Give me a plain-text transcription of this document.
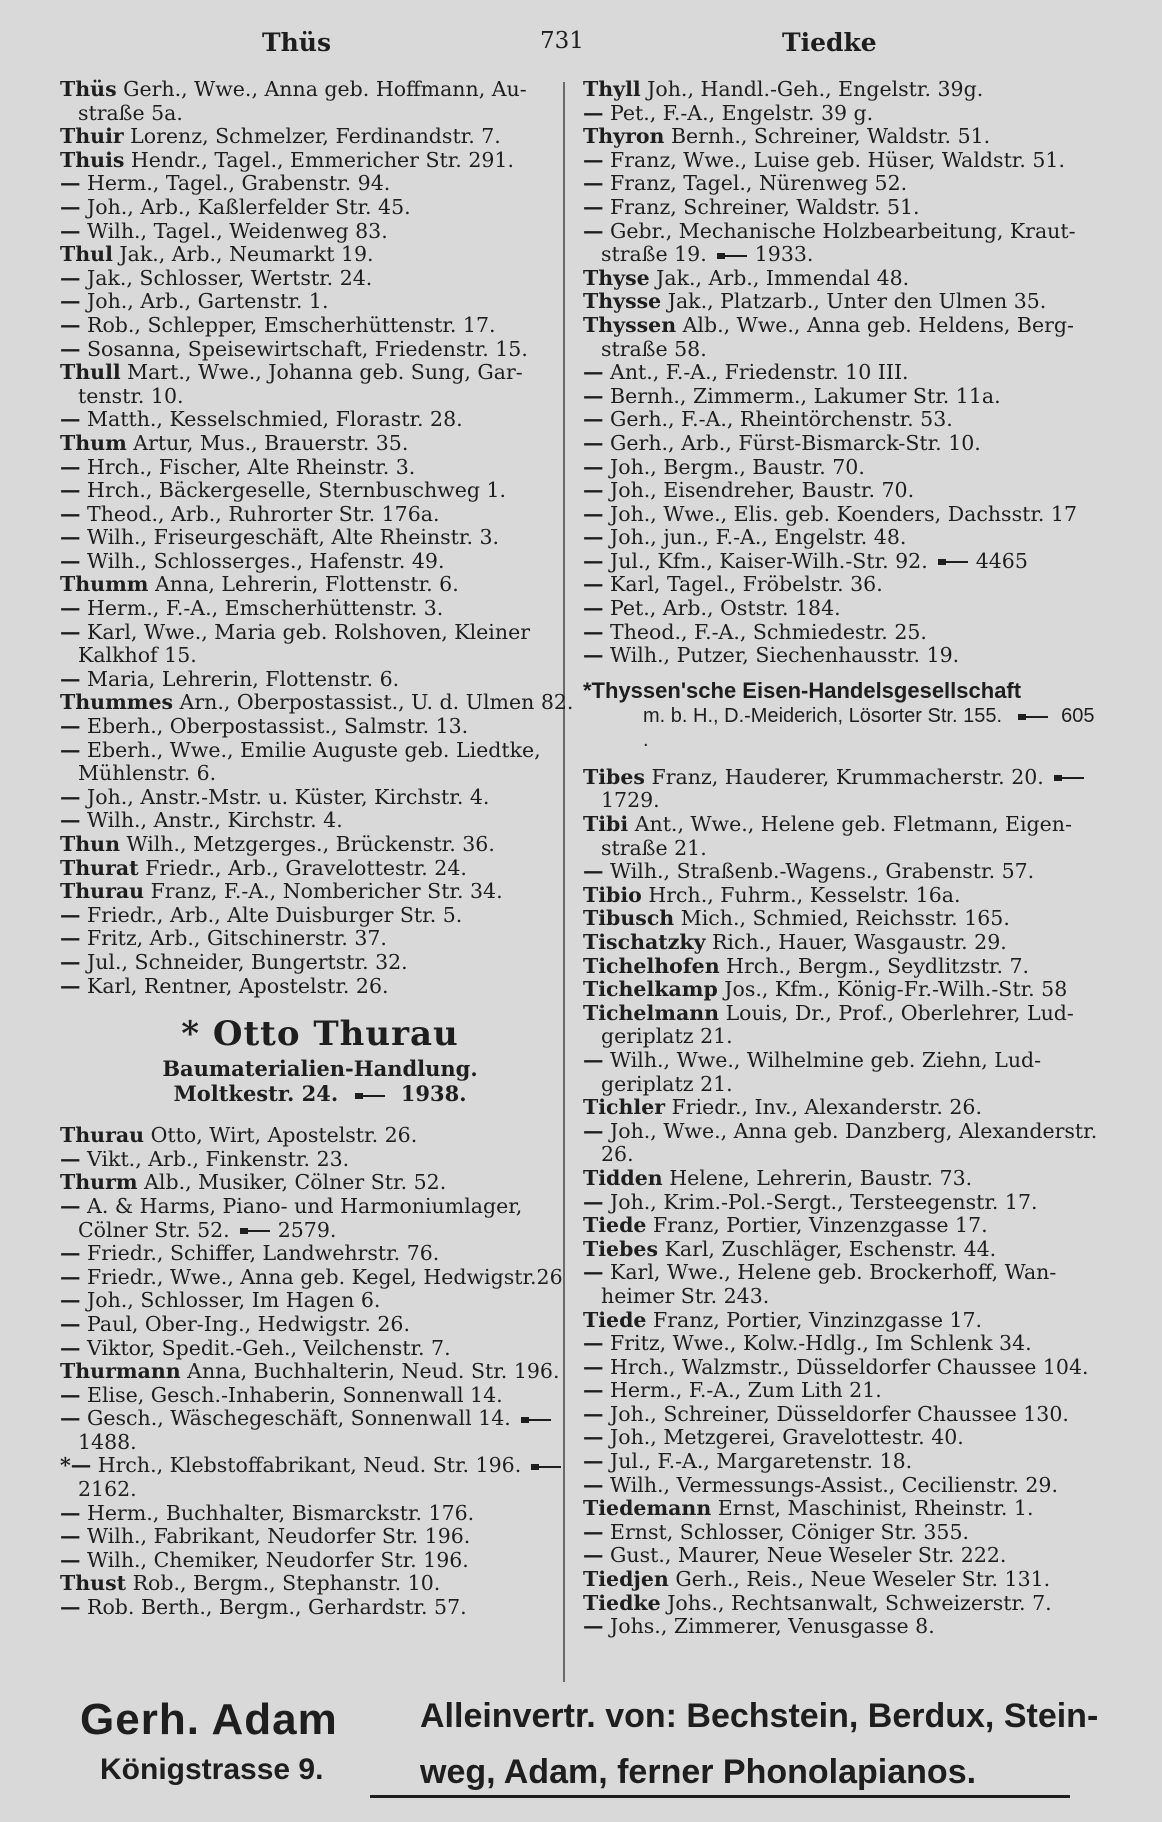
Thüs	731	Tiedke
Thüs Gerh., Wwe., Anna geb. Hoffmann, Au- straße 5a.
Thuir Lorenz, Schmelzer, Ferdinandstr. 7.
Thuis Hendr., Tagel., Emmericher Str. 291.
— Herm., Tagel., Grabenstr. 94.
— Joh., Arb., Kaßlerfelder Str. 45.
— Wilh., Tagel., Weidenweg 83.
Thul Jak., Arb., Neumarkt 19.
— Jak., Schlosser, Wertstr. 24.
— Joh., Arb., Gartenstr. 1.
— Rob., Schlepper, Emscherhüttenstr. 17.
— Sosanna, Speisewirtschaft, Friedenstr. 15.
Thull Mart., Wwe., Johanna geb. Sung, Gar- tenstr. 10.
— Matth., Kesselschmied, Florastr. 28.
Thum Artur, Mus., Brauerstr. 35.
— Hrch., Fischer, Alte Rheinstr. 3.
— Hrch., Bäckergeselle, Sternbuschweg 1.
— Theod., Arb., Ruhrorter Str. 176a.
— Wilh., Friseurgeschäft, Alte Rheinstr. 3.
— Wilh., Schlosserges., Hafenstr. 49.
Thumm Anna, Lehrerin, Flottenstr. 6.
— Herm., F.-A., Emscherhüttenstr. 3.
— Karl, Wwe., Maria geb. Rolshoven, Kleiner Kalkhof 15.
— Maria, Lehrerin, Flottenstr. 6.
Thummes Arn., Oberpostassist., U. d. Ulmen 82.
— Eberh., Oberpostassist., Salmstr. 13.
— Eberh., Wwe., Emilie Auguste geb. Liedtke, Mühlenstr. 6.
— Joh., Anstr.-Mstr. u. Küster, Kirchstr. 4.
— Wilh., Anstr., Kirchstr. 4.
Thun Wilh., Metzgerges., Brückenstr. 36.
Thurat Friedr., Arb., Gravelottestr. 24.
Thurau Franz, F.-A., Nombericher Str. 34.
— Friedr., Arb., Alte Duisburger Str. 5.
— Fritz, Arb., Gitschinerstr. 37.
— Jul., Schneider, Bungertstr. 32.
— Karl, Rentner, Apostelstr. 26.
* Otto Thurau
Baumaterialien-Handlung.
Moltkestr. 24.	1938.
Thurau Otto, Wirt, Apostelstr. 26.
— Vikt., Arb., Finkenstr. 23.
Thurm Alb., Musiker, Cölner Str. 52.
— A. & Harms, Piano- und Harmoniumlager, Cölner Str. 52. 2579.
— Friedr., Schiffer, Landwehrstr. 76.
— Friedr., Wwe., Anna geb. Kegel, Hedwigstr.26
— Joh., Schlosser, Im Hagen 6.
— Paul, Ober-Ing., Hedwigstr. 26.
— Viktor, Spedit.-Geh., Veilchenstr. 7.
Thurmann Anna, Buchhalterin, Neud. Str. 196.
— Elise, Gesch.-Inhaberin, Sonnenwall 14.
— Gesch., Wäschegeschäft, Sonnenwall 14.1488.
*— Hrch., Klebstoffabrikant, Neud. Str. 196.2162.
— Herm., Buchhalter, Bismarckstr. 176.
— Wilh., Fabrikant, Neudorfer Str. 196.
— Wilh., Chemiker, Neudorfer Str. 196.
Thust Rob., Bergm., Stephanstr. 10.
— Rob. Berth., Bergm., Gerhardstr. 57.
Thyll Joh., Handl.-Geh., Engelstr. 39g.
— Pet., F.-A., Engelstr. 39 g.
Thyron Bernh., Schreiner, Waldstr. 51.
— Franz, Wwe., Luise geb. Hüser, Waldstr. 51.
— Franz, Tagel., Nürenweg 52.
— Franz, Schreiner, Waldstr. 51.
— Gebr., Mechanische Holzbearbeitung, Kraut- straße 19. 1933.
Thyse Jak., Arb., Immendal 48.
Thysse Jak., Platzarb., Unter den Ulmen 35.
Thyssen Alb., Wwe., Anna geb. Heldens, Berg- straße 58.
— Ant., F.-A., Friedenstr. 10 III.
— Bernh., Zimmerm., Lakumer Str. 11a.
— Gerh., F.-A., Rheintörchenstr. 53.
— Gerh., Arb., Fürst-Bismarck-Str. 10.
— Joh., Bergm., Baustr. 70.
— Joh., Eisendreher, Baustr. 70.
— Joh., Wwe., Elis. geb. Koenders, Dachsstr. 17
— Joh., jun., F.-A., Engelstr. 48.
— Jul., Kfm., Kaiser-Wilh.-Str. 92. 4465
— Karl, Tagel., Fröbelstr. 36.
— Pet., Arb., Oststr. 184.
— Theod., F.-A., Schmiedestr. 25.
— Wilh., Putzer, Siechenhausstr. 19.
*Thyssen'sche Eisen-Handelsgesellschaft
m. b. H., D.-Meiderich, Lösorter Str. 155.	605 .
Tibes Franz, Hauderer, Krummacherstr. 20.1729.
Tibi Ant., Wwe., Helene geb. Fletmann, Eigen- straße 21.
— Wilh., Straßenb.-Wagens., Grabenstr. 57.
Tibio Hrch., Fuhrm., Kesselstr. 16a.
Tibusch Mich., Schmied, Reichsstr. 165.
Tischatzky Rich., Hauer, Wasgaustr. 29.
Tichelhofen Hrch., Bergm., Seydlitzstr. 7.
Tichelkamp Jos., Kfm., König-Fr.-Wilh.-Str. 58
Tichelmann Louis, Dr., Prof., Oberlehrer, Lud- geriplatz 21.
— Wilh., Wwe., Wilhelmine geb. Ziehn, Lud- geriplatz 21.
Tichler Friedr., Inv., Alexanderstr. 26.
— Joh., Wwe., Anna geb. Danzberg, Alexanderstr. 26.
Tidden Helene, Lehrerin, Baustr. 73.
— Joh., Krim.-Pol.-Sergt., Tersteegenstr. 17.
Tiede Franz, Portier, Vinzenzgasse 17.
Tiebes Karl, Zuschläger, Eschenstr. 44.
— Karl, Wwe., Helene geb. Brockerhoff, Wan- heimer Str. 243.
Tiede Franz, Portier, Vinzinzgasse 17.
— Fritz, Wwe., Kolw.-Hdlg., Im Schlenk 34.
— Hrch., Walzmstr., Düsseldorfer Chaussee 104.
— Herm., F.-A., Zum Lith 21.
— Joh., Schreiner, Düsseldorfer Chaussee 130.
— Joh., Metzgerei, Gravelottestr. 40.
— Jul., F.-A., Margaretenstr. 18.
— Wilh., Vermessungs-Assist., Cecilienstr. 29.
Tiedemann Ernst, Maschinist, Rheinstr. 1.
— Ernst, Schlosser, Cöniger Str. 355.
— Gust., Maurer, Neue Weseler Str. 222.
Tiedjen Gerh., Reis., Neue Weseler Str. 131.
Tiedke Johs., Rechtsanwalt, Schweizerstr. 7.
— Johs., Zimmerer, Venusgasse 8.
Gerh. Adam
Königstrasse 9.
Alleinvertr. von: Bechstein, Berdux, Stein-
weg, Adam, ferner Phonolapianos.
